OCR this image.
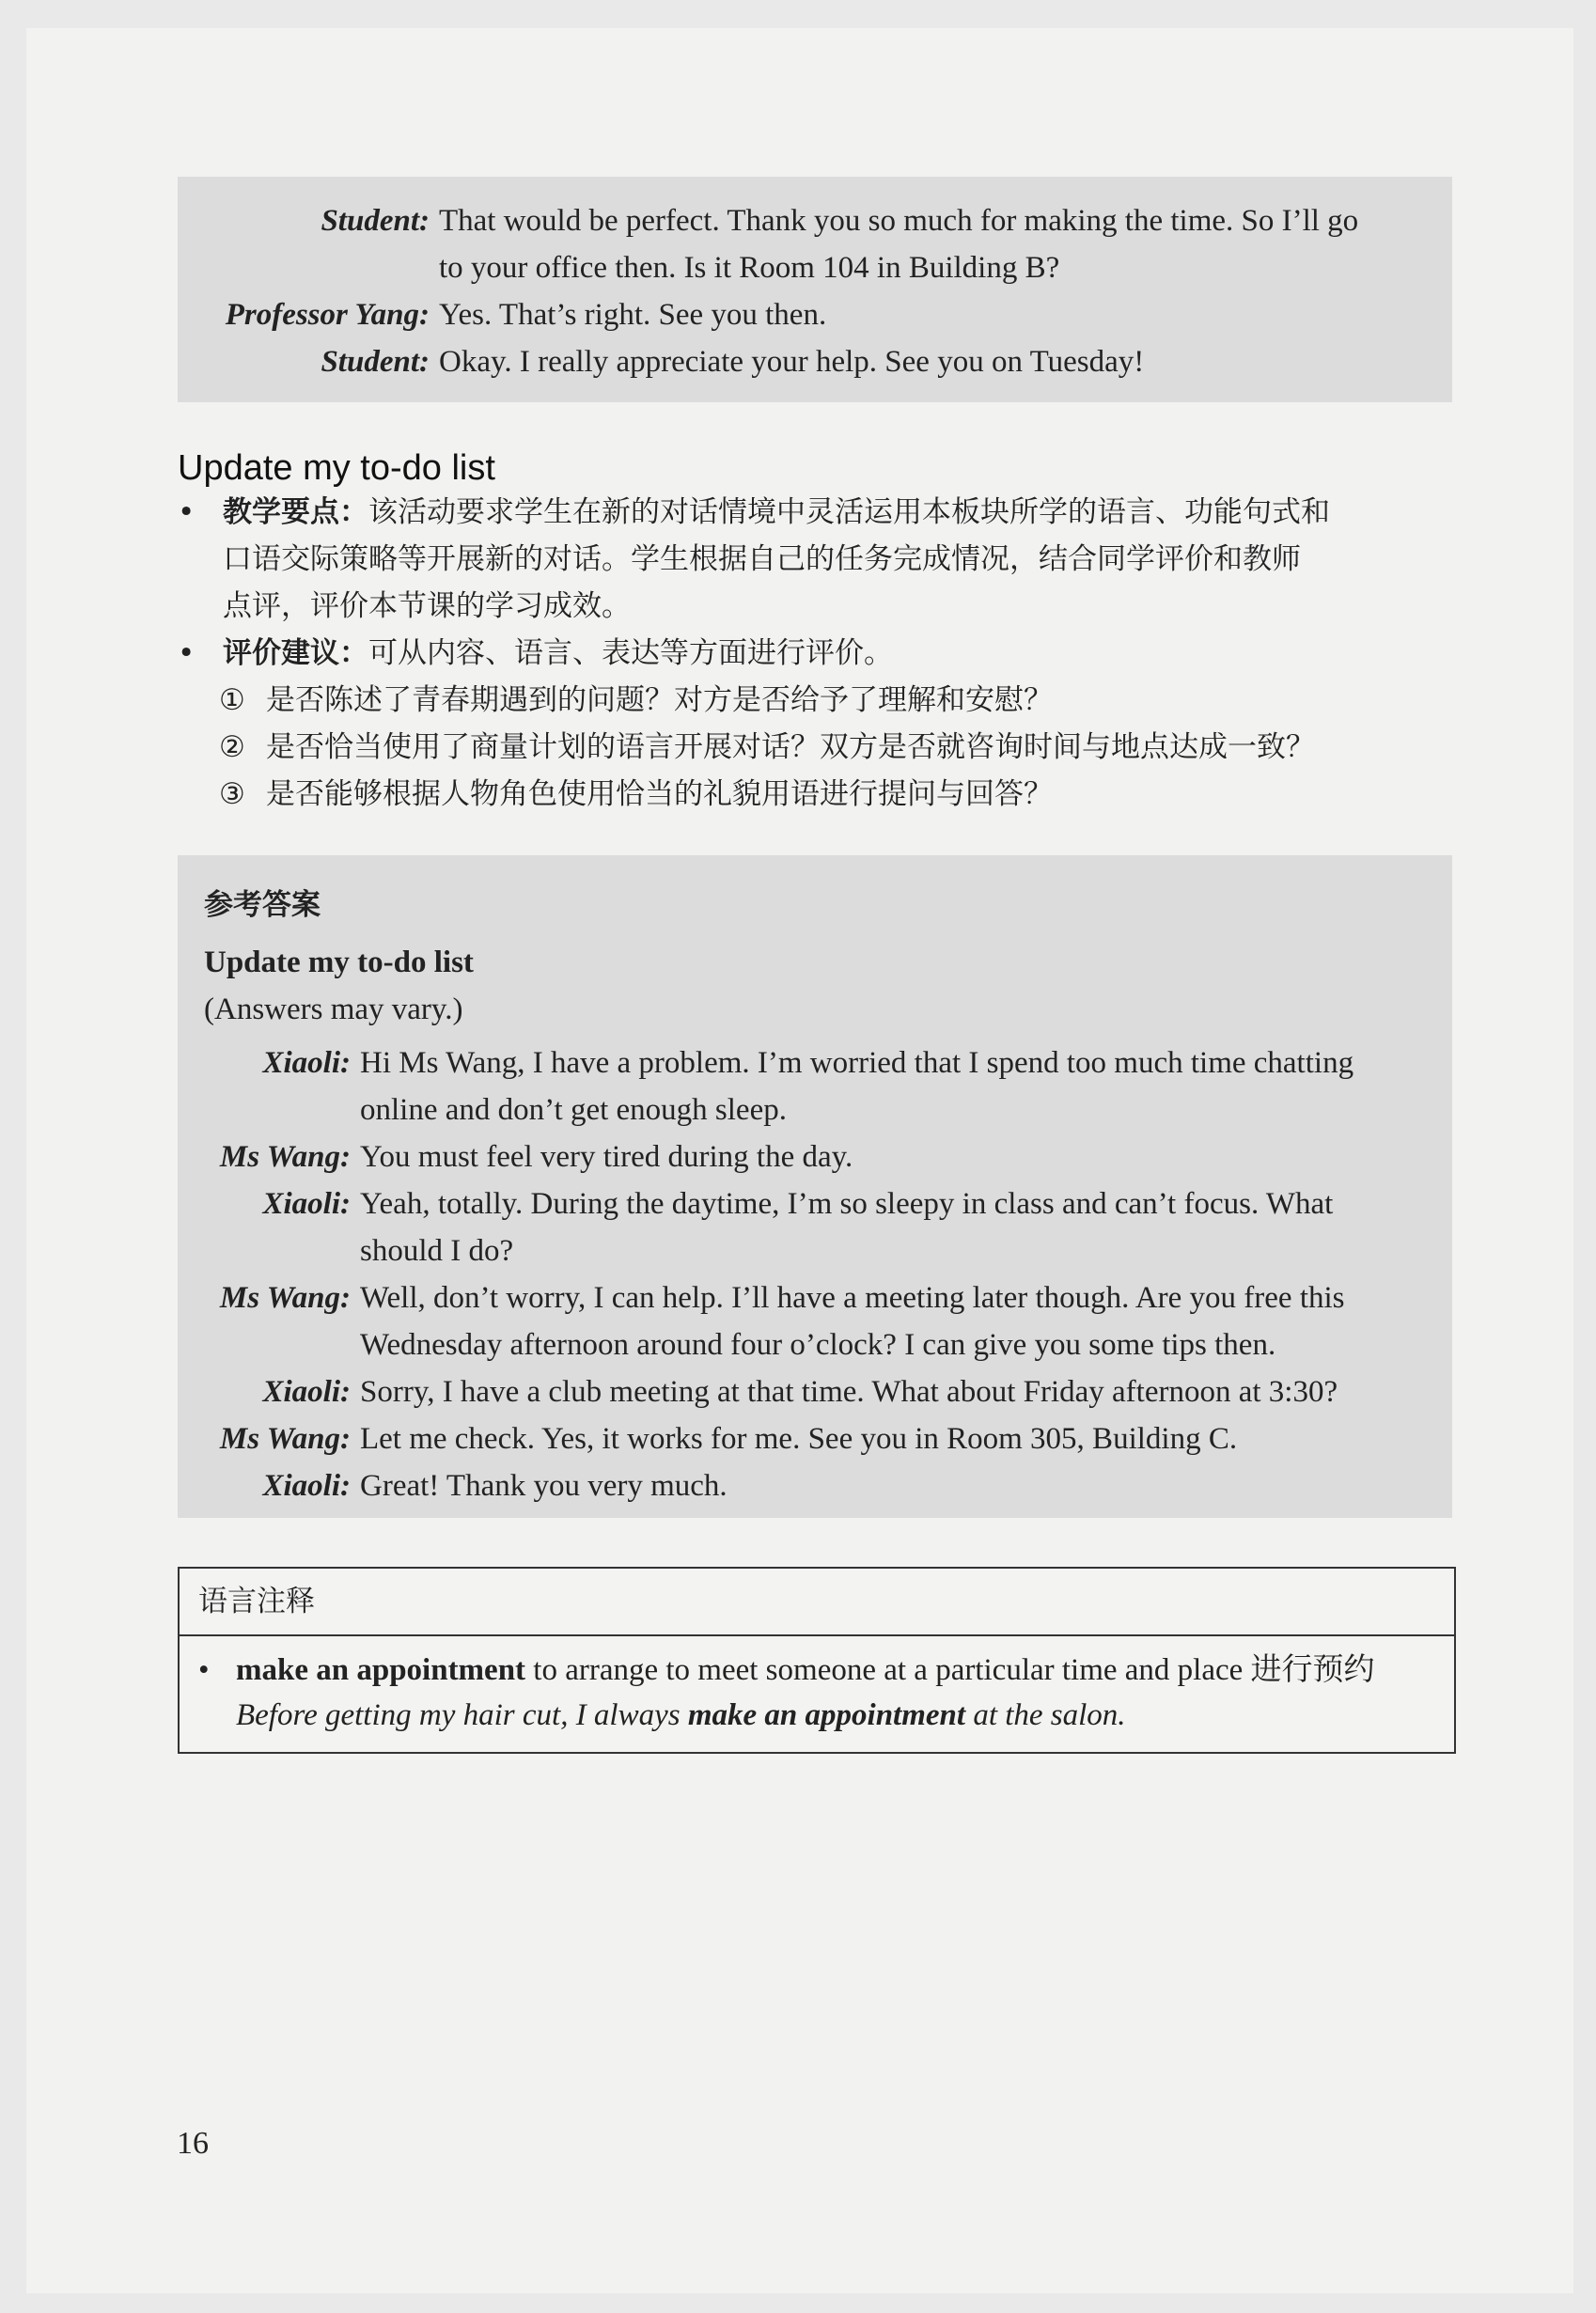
Student: That would be perfect. Thank you so much for making the time. So I’ll go
to your office then. Is it Room 104 in Building B?
Professor Yang: Yes. That’s right. See you then.
Student: Okay. I really appreciate your help. See you on Tuesday!
Update my to-do list
• 教学要点：该活动要求学生在新的对话情境中灵活运用本板块所学的语言、功能句式和
口语交际策略等开展新的对话。学生根据自己的任务完成情况，结合同学评价和教师
点评，评价本节课的学习成效。
• 评价建议：可从内容、语言、表达等方面进行评价。
① 是否陈述了青春期遇到的问题？对方是否给予了理解和安慰？
② 是否恰当使用了商量计划的语言开展对话？双方是否就咨询时间与地点达成一致？
③ 是否能够根据人物角色使用恰当的礼貌用语进行提问与回答？
参考答案
Update my to-do list
(Answers may vary.)
Xiaoli: Hi Ms Wang, I have a problem. I’m worried that I spend too much time chatting
online and don’t get enough sleep.
Ms Wang: You must feel very tired during the day.
Xiaoli: Yeah, totally. During the daytime, I’m so sleepy in class and can’t focus. What
should I do?
Ms Wang: Well, don’t worry, I can help. I’ll have a meeting later though. Are you free this
Wednesday afternoon around four o’clock? I can give you some tips then.
Xiaoli: Sorry, I have a club meeting at that time. What about Friday afternoon at 3:30?
Ms Wang: Let me check. Yes, it works for me. See you in Room 305, Building C.
Xiaoli: Great! Thank you very much.
语言注释
• make an appointment to arrange to meet someone at a particular time and place 进行预约
Before getting my hair cut, I always make an appointment at the salon.
16
